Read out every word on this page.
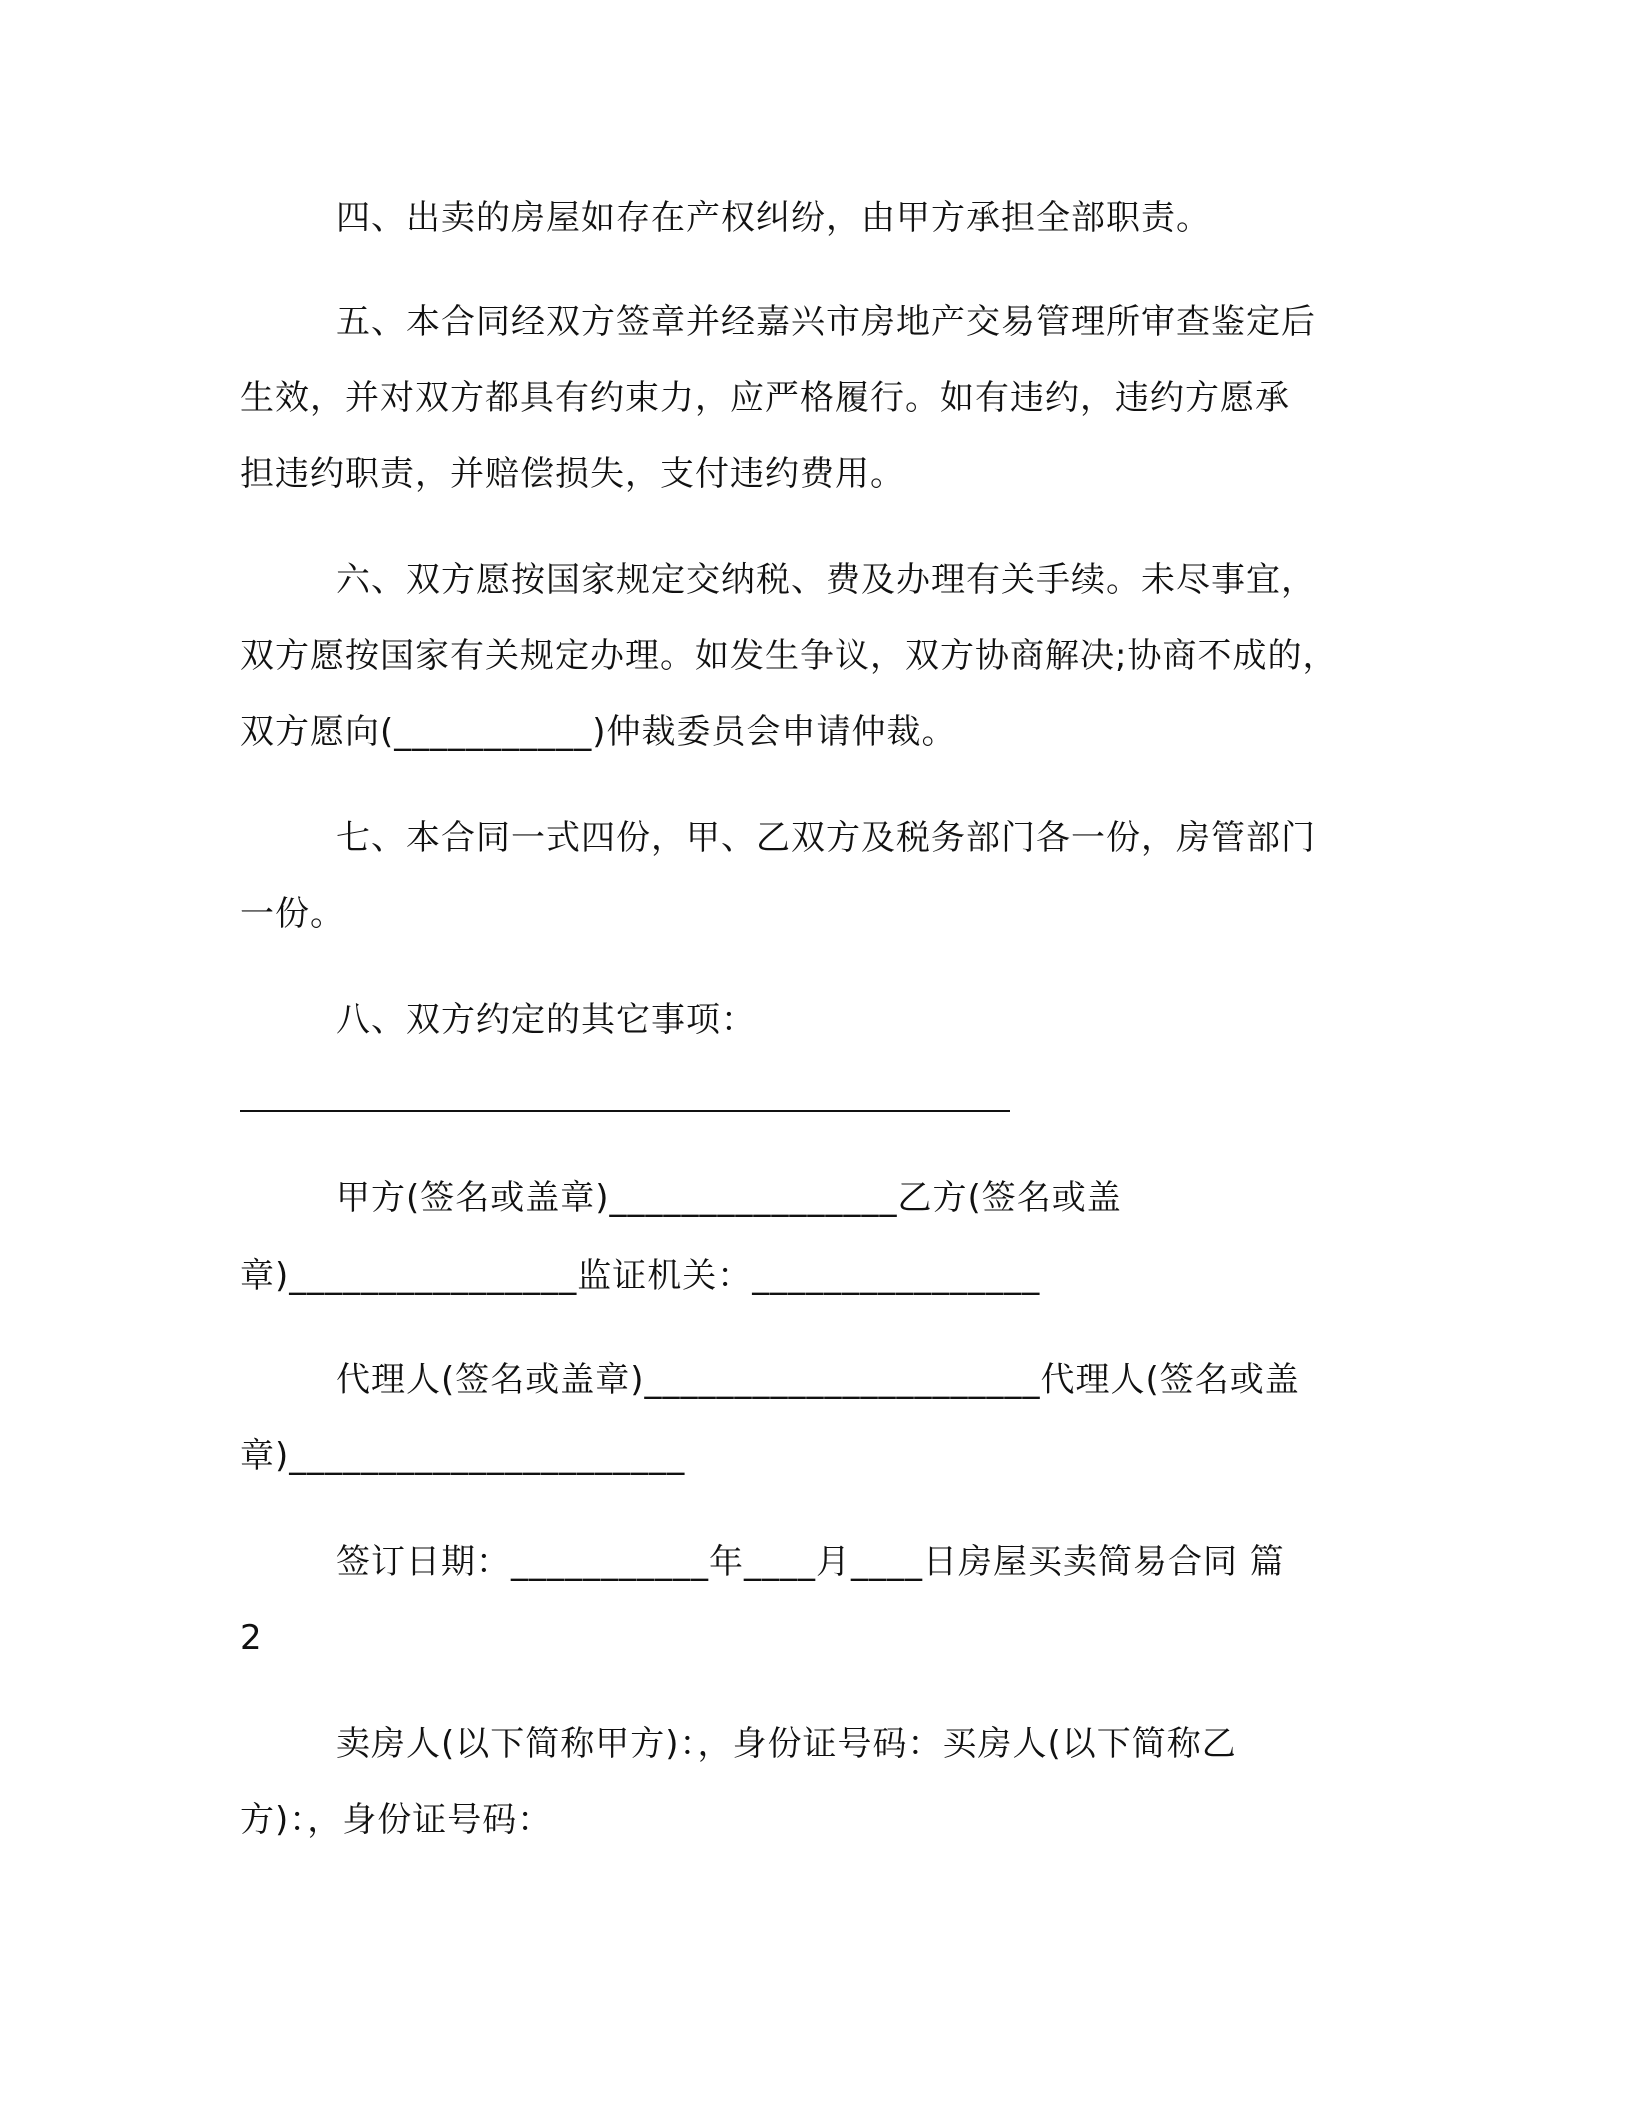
四、出卖的房屋如存在产权纠纷，由甲方承担全部职责。

五、本合同经双方签章并经嘉兴市房地产交易管理所审查鉴定后

生效，并对双方都具有约束力，应严格履行。如有违约，违约方愿承

担违约职责，并赔偿损失，支付违约费用。

六、双方愿按国家规定交纳税、费及办理有关手续。未尽事宜，

双方愿按国家有关规定办理。如发生争议，双方协商解决;协商不成的，

双方愿向(___________)仲裁委员会申请仲裁。

七、本合同一式四份，甲、乙双方及税务部门各一份，房管部门

一份。

八、双方约定的其它事项：

甲方(签名或盖章)________________乙方(签名或盖

章)________________监证机关：________________

代理人(签名或盖章)______________________代理人(签名或盖

章)______________________

签订日期：___________年____月____日房屋买卖简易合同 篇

2

卖房人(以下简称甲方)：，身份证号码：买房人(以下简称乙

方)：，身份证号码：
